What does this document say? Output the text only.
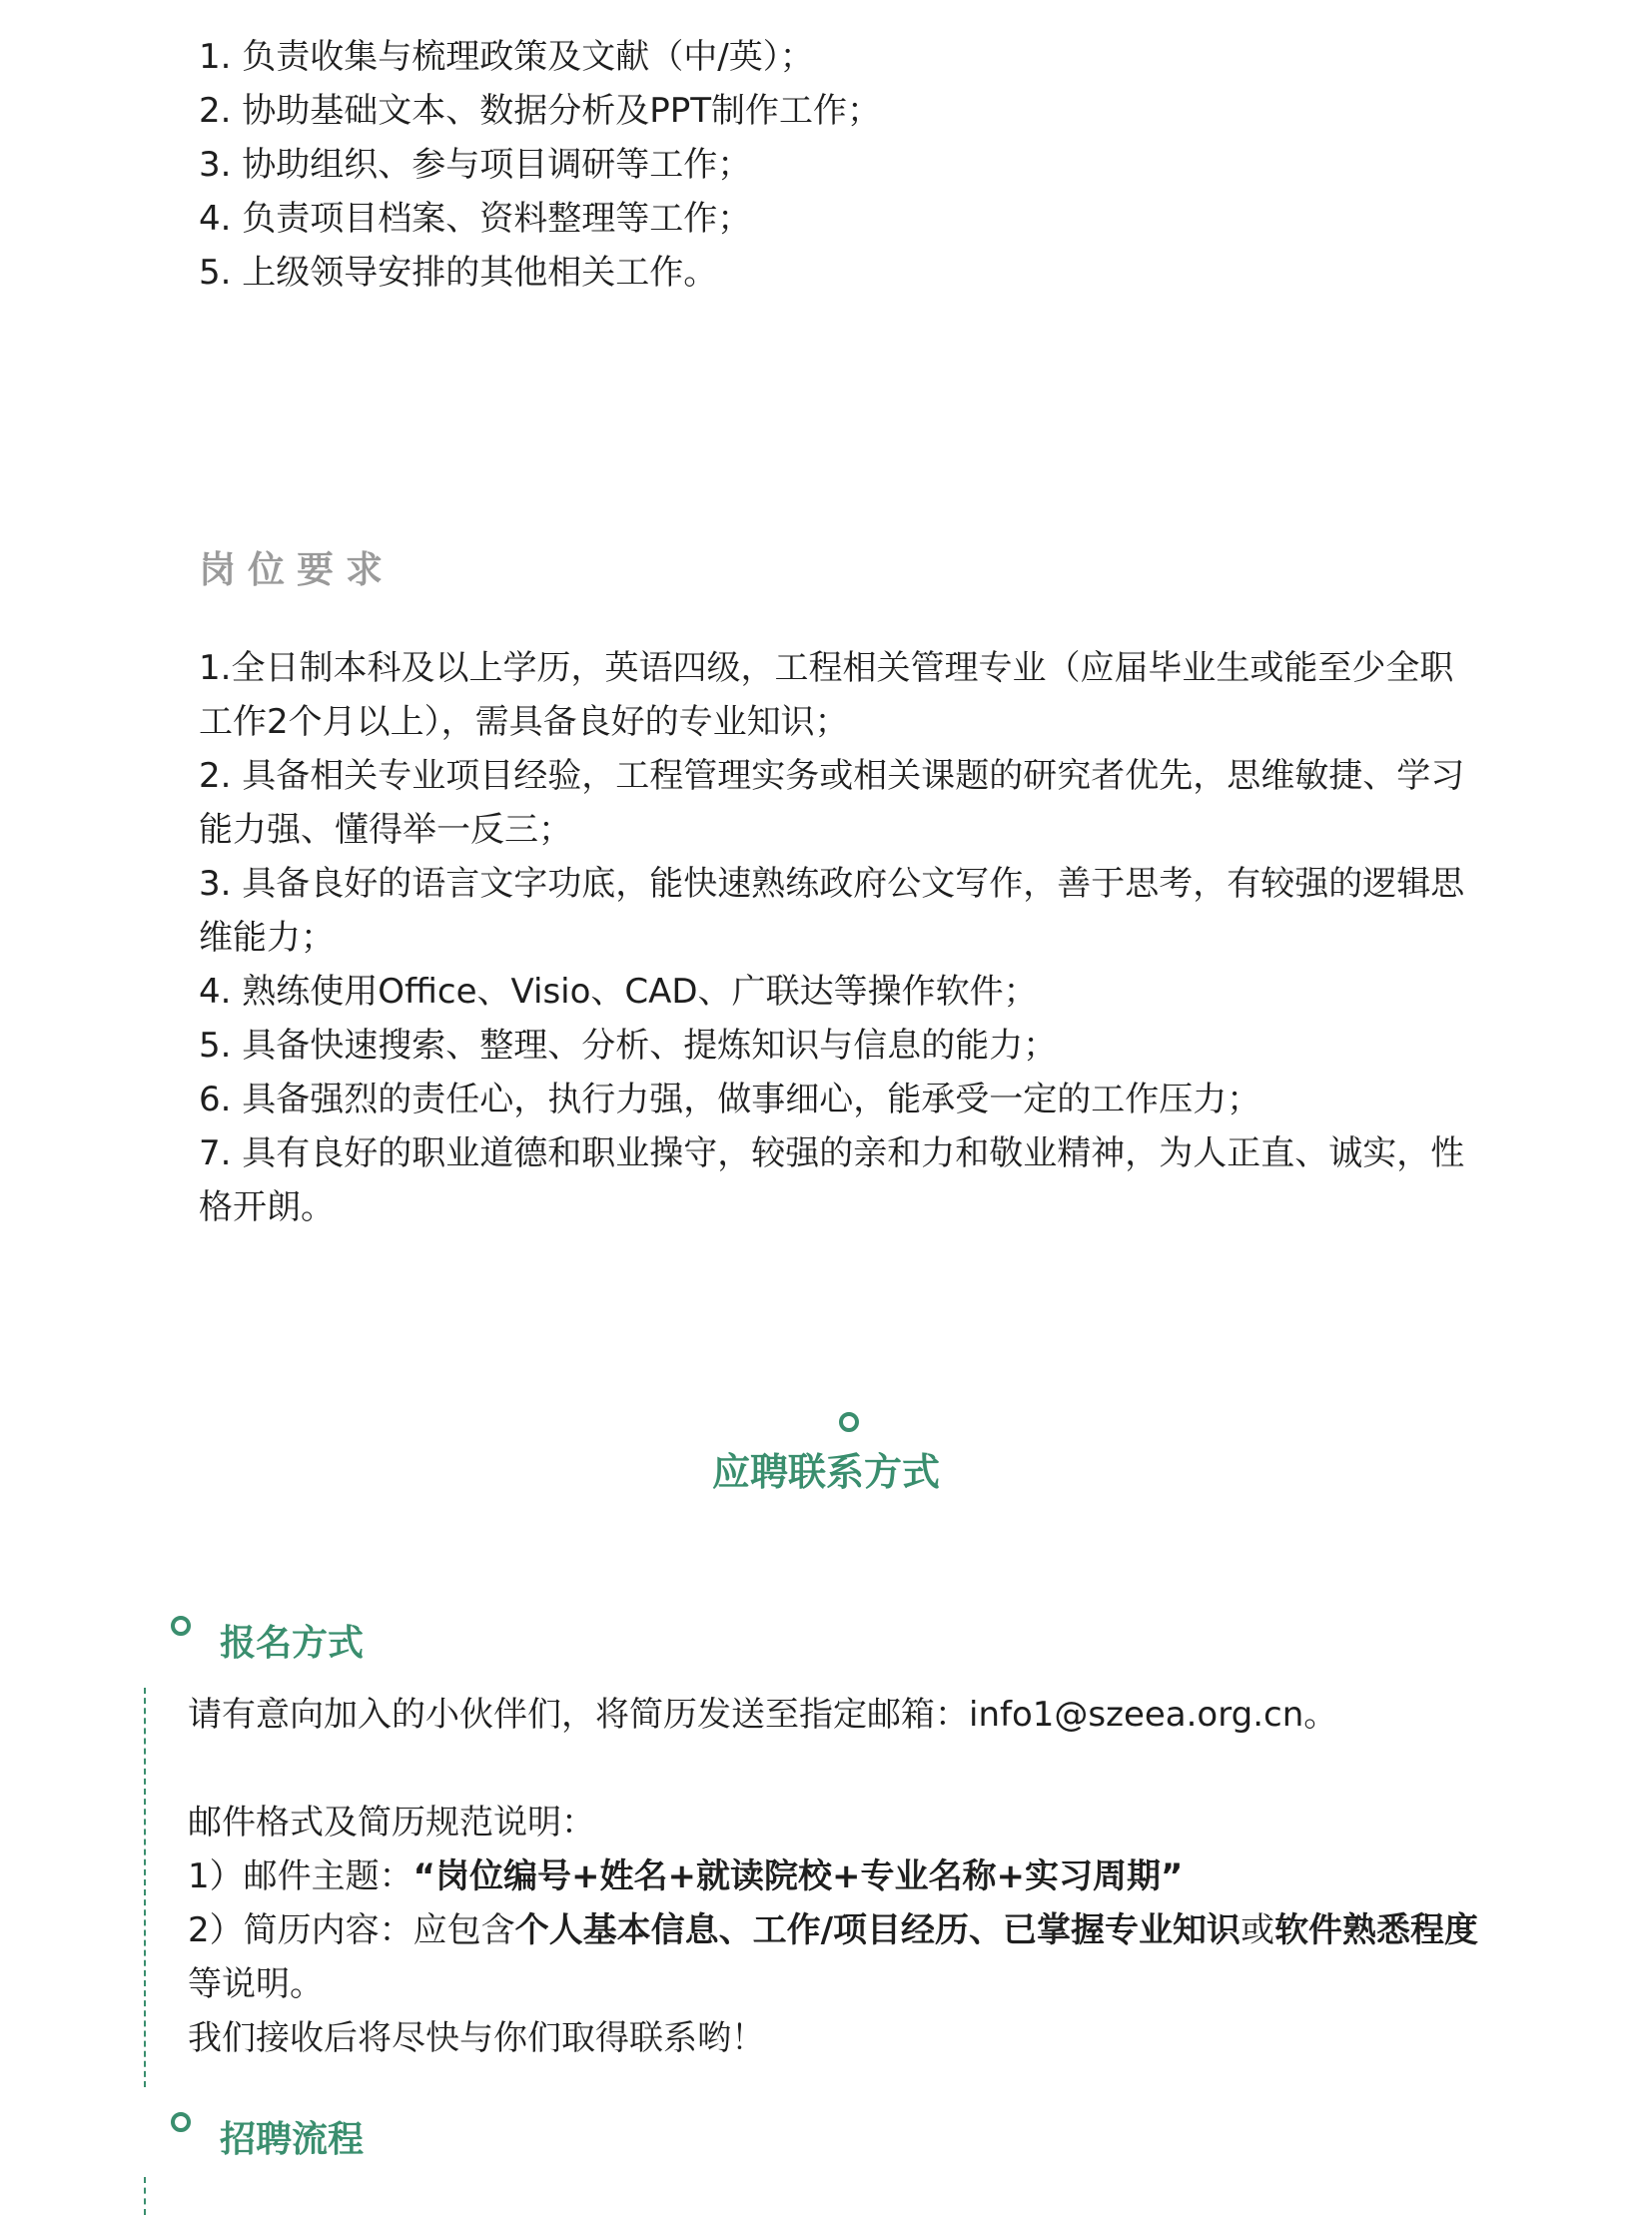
1. 负责收集与梳理政策及文献（中/英）；
2. 协助基础文本、数据分析及PPT制作工作；
3. 协助组织、参与项目调研等工作；
4. 负责项目档案、资料整理等工作；
5. 上级领导安排的其他相关工作。
岗位要求
1.全日制本科及以上学历，英语四级，工程相关管理专业（应届毕业生或能至少全职工作2个月以上），需具备良好的专业知识；
2. 具备相关专业项目经验，工程管理实务或相关课题的研究者优先，思维敏捷、学习能力强、懂得举一反三；
3. 具备良好的语言文字功底，能快速熟练政府公文写作，善于思考，有较强的逻辑思维能力；
4. 熟练使用Office、Visio、CAD、广联达等操作软件；
5. 具备快速搜索、整理、分析、提炼知识与信息的能力；
6. 具备强烈的责任心，执行力强，做事细心，能承受一定的工作压力；
7. 具有良好的职业道德和职业操守，较强的亲和力和敬业精神，为人正直、诚实，性格开朗。
应聘联系方式
报名方式

请有意向加入的小伙伴们，将简历发送至指定邮箱：info1@szeea.org.cn。

邮件格式及简历规范说明：

1）邮件主题：“岗位编号+姓名+就读院校+专业名称+实习周期”

2）简历内容：应包含个人基本信息、工作/项目经历、已掌握专业知识或软件熟悉程度等说明。

我们接收后将尽快与你们取得联系哟！

招聘流程
